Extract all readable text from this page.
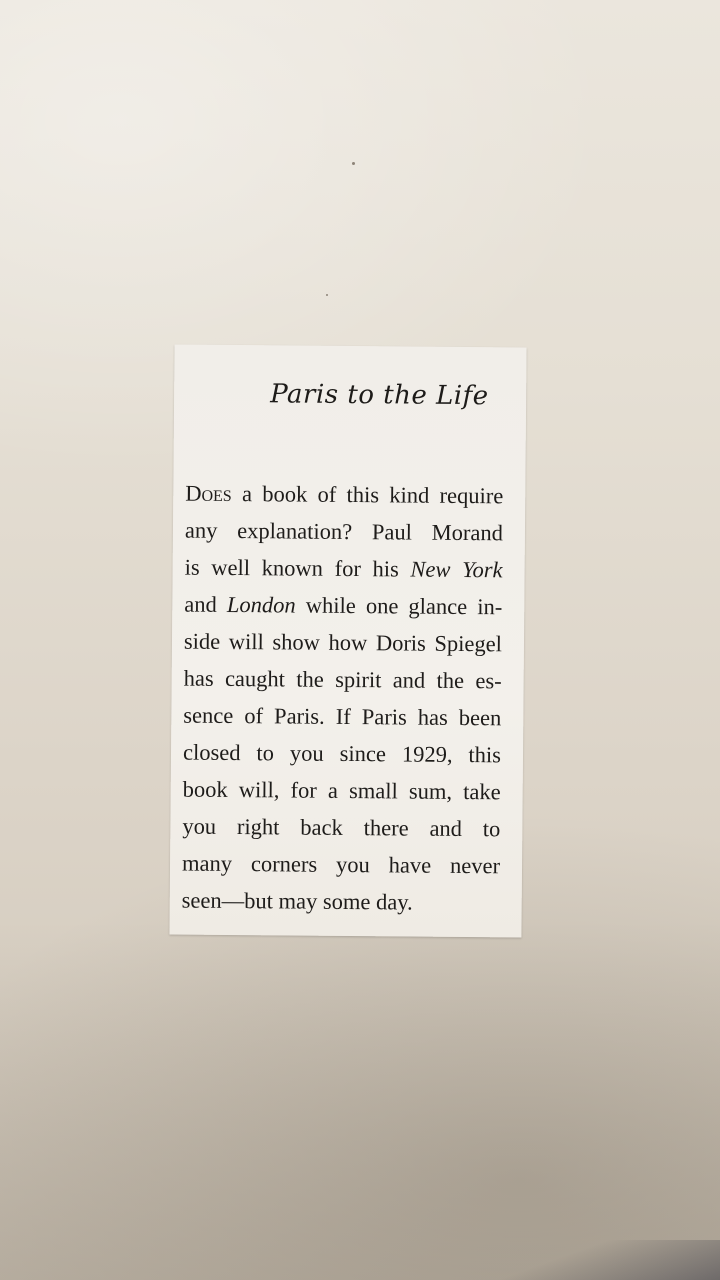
Paris to the Life
Does a book of this kind require
any explanation? Paul Morand
is well known for his New York
and London while one glance in-
side will show how Doris Spiegel
has caught the spirit and the es-
sence of Paris. If Paris has been
closed to you since 1929, this
book will, for a small sum, take
you right back there and to
many corners you have never
seen—but may some day.
